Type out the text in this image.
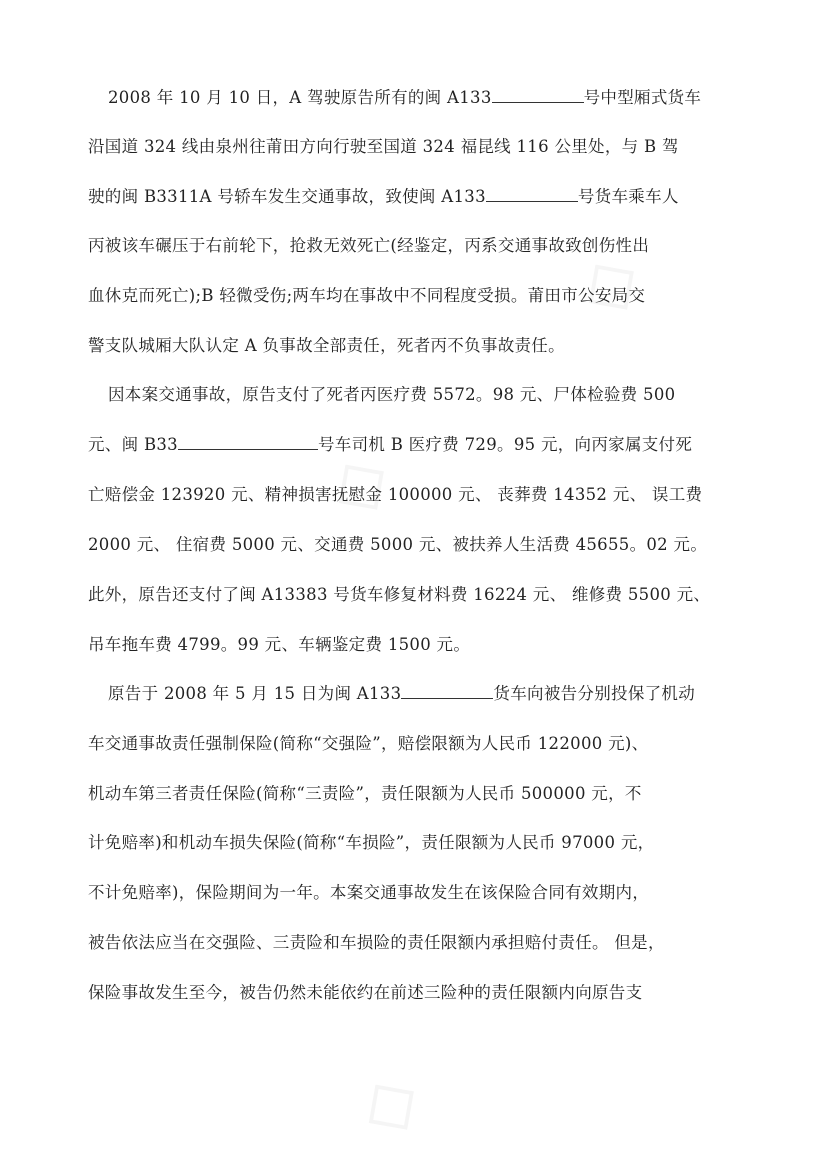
◇
◇
◇
2008 年 10 月 10 日，A 驾驶原告所有的闽 A133	号中型厢式货车
沿国道 324 线由泉州往莆田方向行驶至国道 324 福昆线 116 公里处，与 B 驾
驶的闽 B3311A 号轿车发生交通事故，致使闽 A133	号货车乘车人
丙被该车碾压于右前轮下，抢救无效死亡(经鉴定，丙系交通事故致创伤性出
血休克而死亡);B 轻微受伤;两车均在事故中不同程度受损。莆田市公安局交
警支队城厢大队认定 A 负事故全部责任，死者丙不负事故责任。
因本案交通事故，原告支付了死者丙医疗费 5572。98 元、尸体检验费 500
元、闽 B33	号车司机 B 医疗费 729。95 元，向丙家属支付死
亡赔偿金 123920 元、精神损害抚慰金 100000 元、 丧葬费 14352 元、 误工费
2000 元、 住宿费 5000 元、交通费 5000 元、被扶养人生活费 45655。02 元。
此外，原告还支付了闽 A13383 号货车修复材料费 16224 元、 维修费 5500 元、
吊车拖车费 4799。99 元、车辆鉴定费 1500 元。
原告于 2008 年 5 月 15 日为闽 A133	货车向被告分别投保了机动
车交通事故责任强制保险(简称“交强险”，赔偿限额为人民币 122000 元)、
机动车第三者责任保险(简称“三责险”，责任限额为人民币 500000 元，不
计免赔率)和机动车损失保险(简称“车损险”，责任限额为人民币 97000 元，
不计免赔率)，保险期间为一年。本案交通事故发生在该保险合同有效期内，
被告依法应当在交强险、三责险和车损险的责任限额内承担赔付责任。 但是，
保险事故发生至今，被告仍然未能依约在前述三险种的责任限额内向原告支
